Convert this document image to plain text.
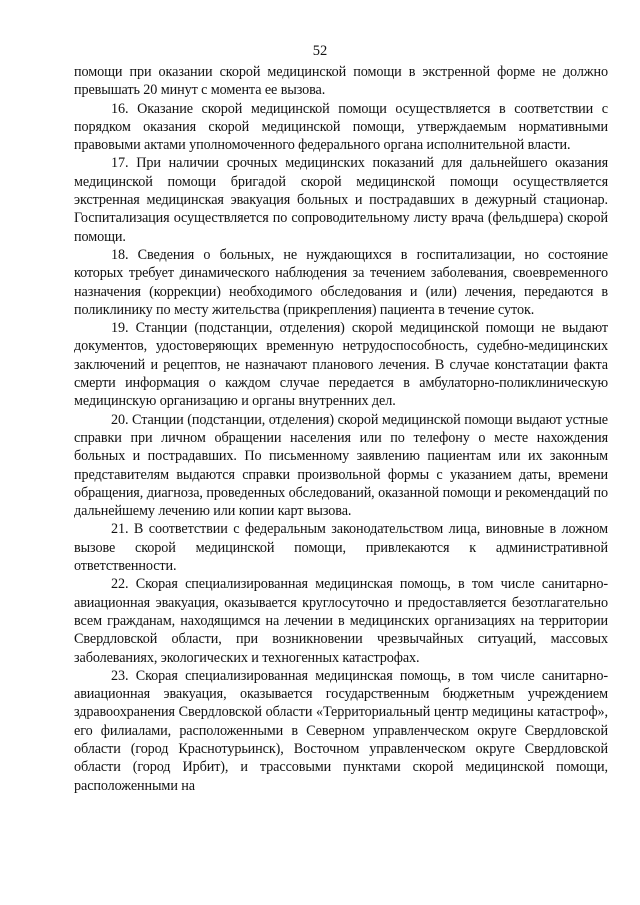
52

помощи при оказании скорой медицинской помощи в экстренной форме не должно превышать 20 минут с момента ее вызова.

16. Оказание скорой медицинской помощи осуществляется в соответствии с порядком оказания скорой медицинской помощи, утверждаемым нормативными правовыми актами уполномоченного федерального органа исполнительной власти.

17. При наличии срочных медицинских показаний для дальнейшего оказания медицинской помощи бригадой скорой медицинской помощи осуществляется экстренная медицинская эвакуация больных и пострадавших в дежурный стационар. Госпитализация осуществляется по сопроводительному листу врача (фельдшера) скорой помощи.

18. Сведения о больных, не нуждающихся в госпитализации, но состояние которых требует динамического наблюдения за течением заболевания, своевременного назначения (коррекции) необходимого обследования и (или) лечения, передаются в поликлинику по месту жительства (прикрепления) пациента в течение суток.

19. Станции (подстанции, отделения) скорой медицинской помощи не выдают документов, удостоверяющих временную нетрудоспособность, судебно-медицинских заключений и рецептов, не назначают планового лечения. В случае констатации факта смерти информация о каждом случае передается в амбулаторно-поликлиническую медицинскую организацию и органы внутренних дел.

20. Станции (подстанции, отделения) скорой медицинской помощи выдают устные справки при личном обращении населения или по телефону о месте нахождения больных и пострадавших. По письменному заявлению пациентам или их законным представителям выдаются справки произвольной формы с указанием даты, времени обращения, диагноза, проведенных обследований, оказанной помощи и рекомендаций по дальнейшему лечению или копии карт вызова.

21. В соответствии с федеральным законодательством лица, виновные в ложном вызове скорой медицинской помощи, привлекаются к административной ответственности.

22. Скорая специализированная медицинская помощь, в том числе санитарно-авиационная эвакуация, оказывается круглосуточно и предоставляется безотлагательно всем гражданам, находящимся на лечении в медицинских организациях на территории Свердловской области, при возникновении чрезвычайных ситуаций, массовых заболеваниях, экологических и техногенных катастрофах.

23. Скорая специализированная медицинская помощь, в том числе санитарно-авиационная эвакуация, оказывается государственным бюджетным учреждением здравоохранения Свердловской области «Территориальный центр медицины катастроф», его филиалами, расположенными в Северном управленческом округе Свердловской области (город Краснотурьинск), Восточном управленческом округе Свердловской области (город Ирбит), и трассовыми пунктами скорой медицинской помощи, расположенными на
